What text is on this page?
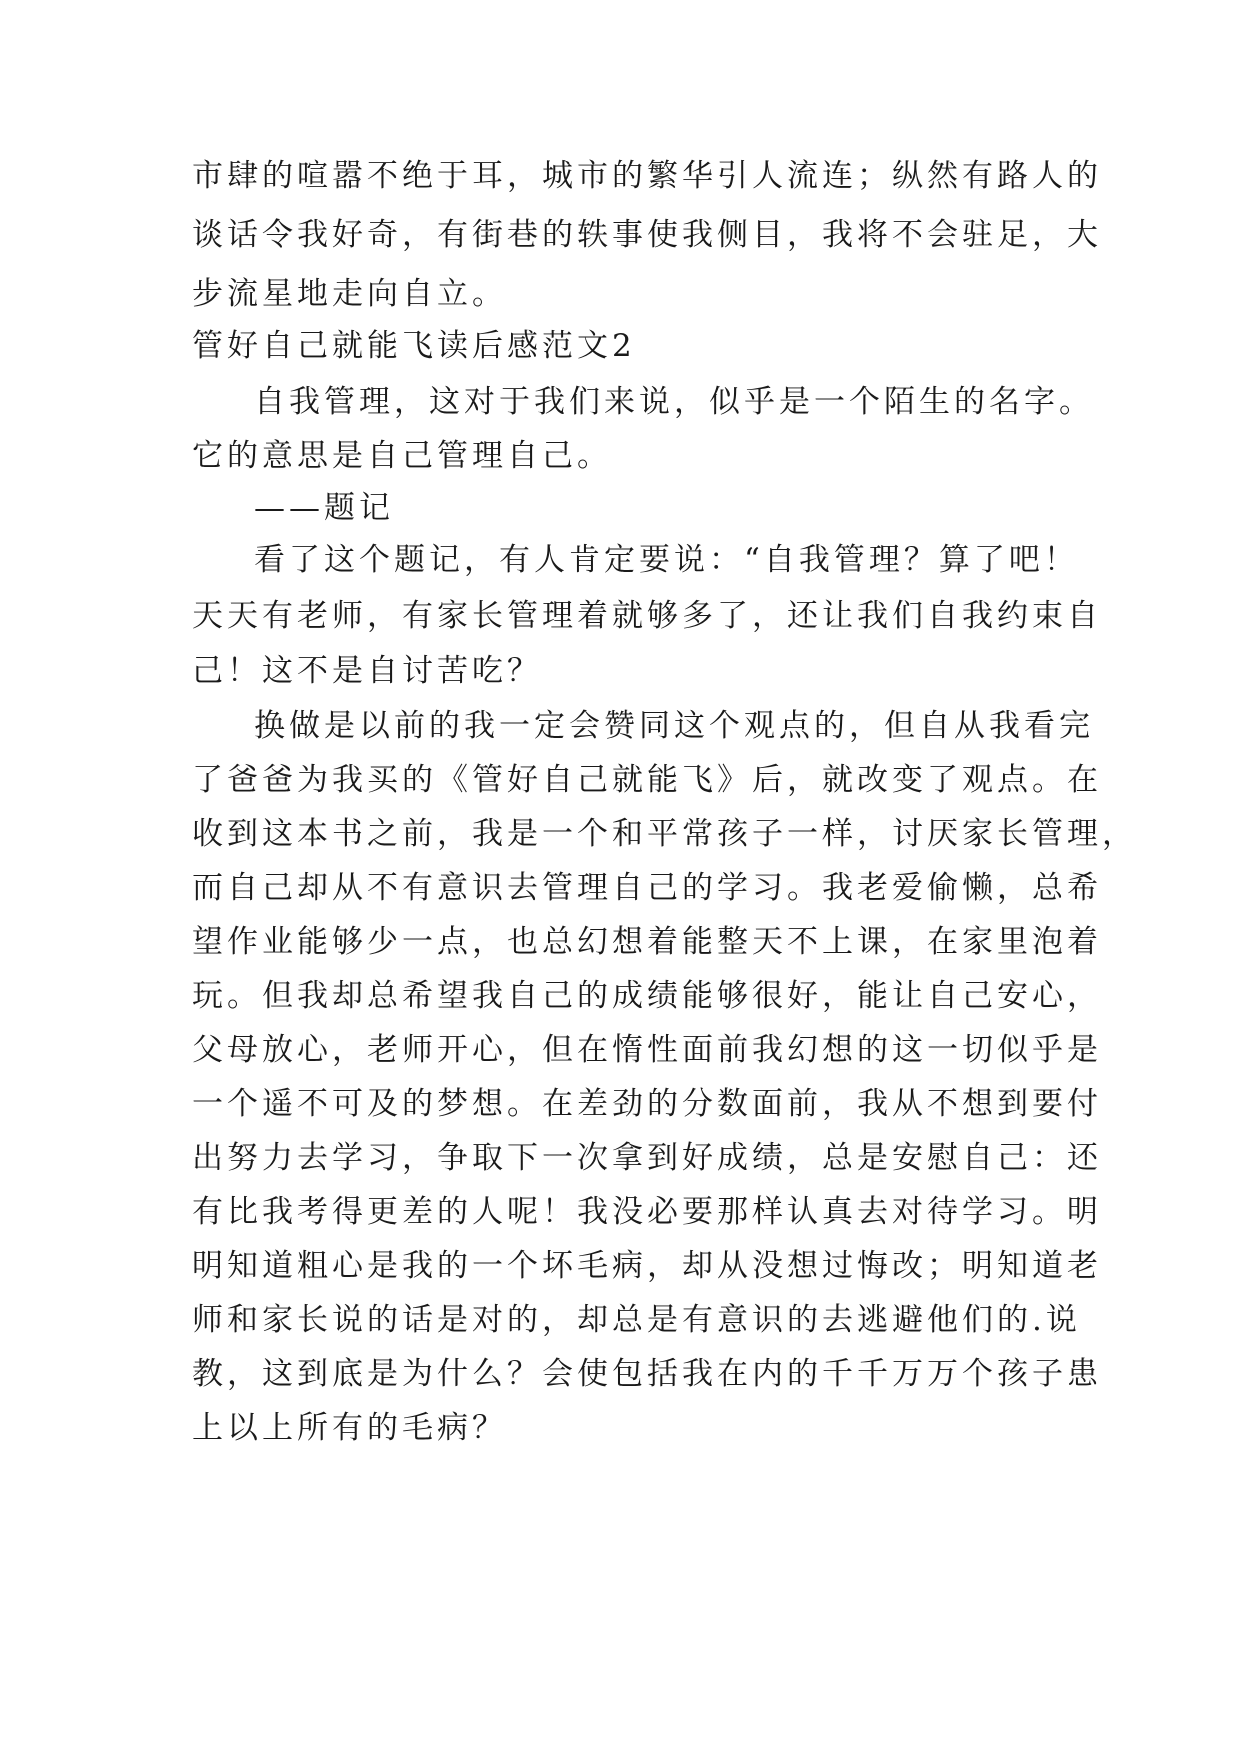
市肆的喧嚣不绝于耳，城市的繁华引人流连；纵然有路人的
谈话令我好奇，有街巷的轶事使我侧目，我将不会驻足，大
步流星地走向自立。
管好自己就能飞读后感范文2
自我管理，这对于我们来说，似乎是一个陌生的名字。
它的意思是自己管理自己。
——题记
看了这个题记，有人肯定要说：“自我管理？算了吧！
天天有老师，有家长管理着就够多了，还让我们自我约束自
己！这不是自讨苦吃？
换做是以前的我一定会赞同这个观点的，但自从我看完
了爸爸为我买的《管好自己就能飞》后，就改变了观点。在
收到这本书之前，我是一个和平常孩子一样，讨厌家长管理，
而自己却从不有意识去管理自己的学习。我老爱偷懒，总希
望作业能够少一点，也总幻想着能整天不上课，在家里泡着
玩。但我却总希望我自己的成绩能够很好，能让自己安心，
父母放心，老师开心，但在惰性面前我幻想的这一切似乎是
一个遥不可及的梦想。在差劲的分数面前，我从不想到要付
出努力去学习，争取下一次拿到好成绩，总是安慰自己：还
有比我考得更差的人呢！我没必要那样认真去对待学习。明
明知道粗心是我的一个坏毛病，却从没想过悔改；明知道老
师和家长说的话是对的，却总是有意识的去逃避他们的.说
教，这到底是为什么？会使包括我在内的千千万万个孩子患
上以上所有的毛病？
